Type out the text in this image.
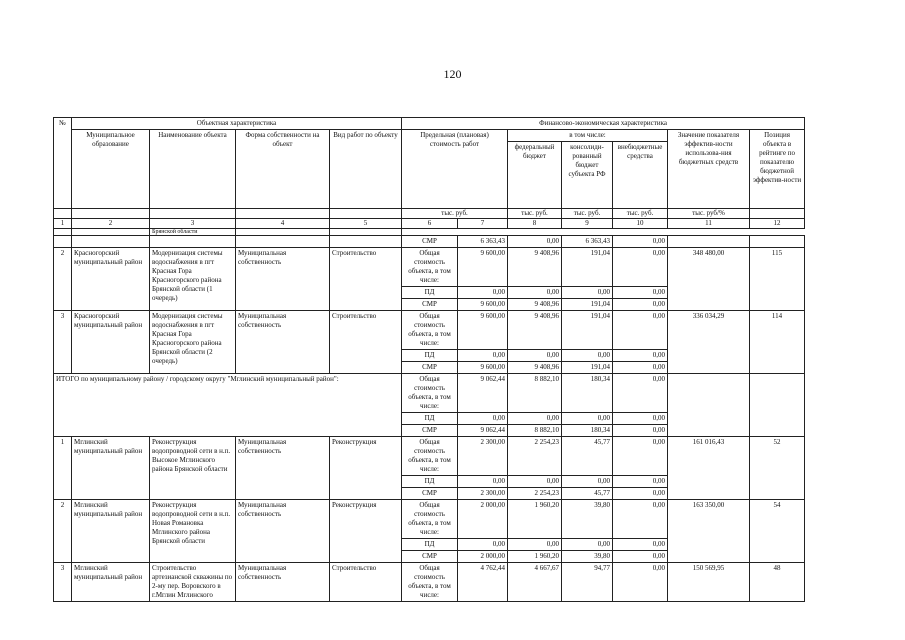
120
№	Объектная характеристика				Финансово-экономическая характеристика						
	Муниципальное образование	Наименование объекта	Форма собственности на объект	Вид работ по объекту	Предельная (плановая) стоимость работ		в том числе:			Значение показателя эффектив-ности использова-ния бюджетных средств	Позиция объекта в рейтинге по показателю бюджетной эффектив-ности
							федеральный бюджет	консолиди-рованный бюджет субъекта РФ	внебюджетные средства		
					тыс. руб.		тыс. руб.	тыс. руб.	тыс. руб.	тыс. руб/%	
1	2	3	4	5	6	7	8	9	10	11	12
		Брянской области									
					СМР	6 363,43	0,00	6 363,43	0,00		
2	Красногорский муниципальный район	Модернизация системы водоснабжения в пгт Красная Гора Красногорского района Брянской области (1 очередь)	Муниципальная собственность	Строительство	Общая стоимость объекта, в том числе:	9 600,00	9 408,96	191,04	0,00	348 480,00	115
					ПД	0,00	0,00	0,00	0,00		
					СМР	9 600,00	9 408,96	191,04	0,00		
3	Красногорский муниципальный район	Модернизация системы водоснабжения в пгт Красная Гора Красногорского района Брянской области (2 очередь)	Муниципальная собственность	Строительство	Общая стоимость объекта, в том числе:	9 600,00	9 408,96	191,04	0,00	336 034,29	114
					ПД	0,00	0,00	0,00	0,00		
					СМР	9 600,00	9 408,96	191,04	0,00		
ИТОГО по муниципальному району / городскому округу "Мглинский муниципальный район":					Общая стоимость объекта, в том числе:	9 062,44	8 882,10	180,34	0,00		
					ПД	0,00	0,00	0,00	0,00		
					СМР	9 062,44	8 882,10	180,34	0,00		
1	Мглинский муниципальный район	Реконструкция водопроводной сети в н.п. Высокое Мглинского района Брянской области	Муниципальная собственность	Реконструкция	Общая стоимость объекта, в том числе:	2 300,00	2 254,23	45,77	0,00	161 016,43	52
					ПД	0,00	0,00	0,00	0,00		
					СМР	2 300,00	2 254,23	45,77	0,00		
2	Мглинский муниципальный район	Реконструкция водопроводной сети в н.п. Новая Романовка Мглинского района Брянской области	Муниципальная собственность	Реконструкция	Общая стоимость объекта, в том числе:	2 000,00	1 960,20	39,80	0,00	163 350,00	54
					ПД	0,00	0,00	0,00	0,00		
					СМР	2 000,00	1 960,20	39,80	0,00		
3	Мглинский муниципальный район	Строительство артезианской скважины по 2-му пер. Воровского в г.Мглин Мглинского	Муниципальная собственность	Строительство	Общая стоимость объекта, в том числе:	4 762,44	4 667,67	94,77	0,00	150 569,95	48
